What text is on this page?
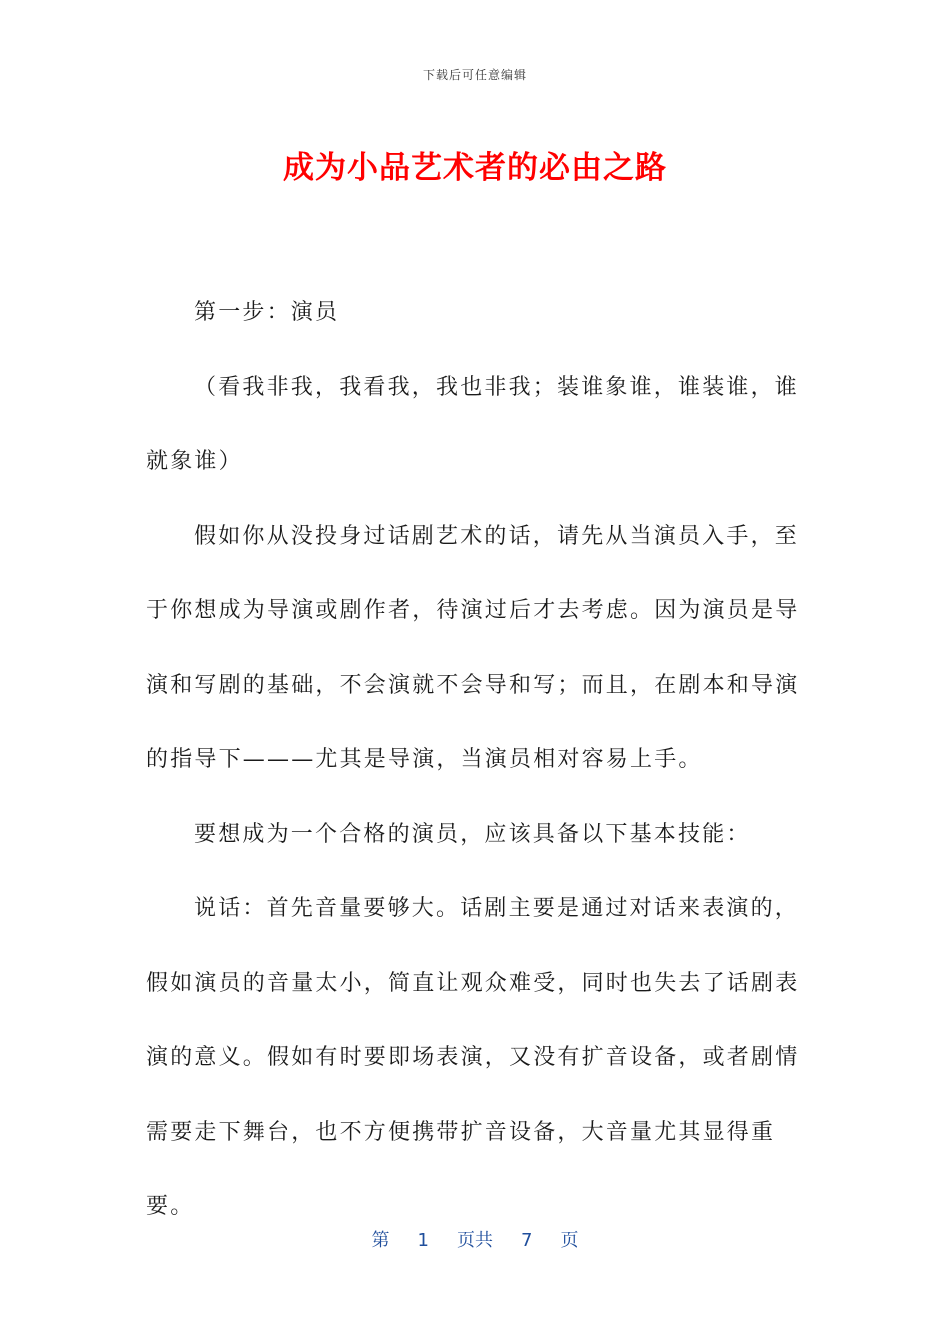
下载后可任意编辑
成为小品艺术者的必由之路

第一步：演员

（看我非我，我看我，我也非我；装谁象谁，谁装谁，谁就象谁）

假如你从没投身过话剧艺术的话，请先从当演员入手，至于你想成为导演或剧作者，待演过后才去考虑。因为演员是导演和写剧的基础，不会演就不会导和写；而且，在剧本和导演的指导下———尤其是导演，当演员相对容易上手。

要想成为一个合格的演员，应该具备以下基本技能：

说话：首先音量要够大。话剧主要是通过对话来表演的，假如演员的音量太小，简直让观众难受，同时也失去了话剧表演的意义。假如有时要即场表演，又没有扩音设备，或者剧情需要走下舞台，也不方便携带扩音设备，大音量尤其显得重要。

第 1 页共 7 页
